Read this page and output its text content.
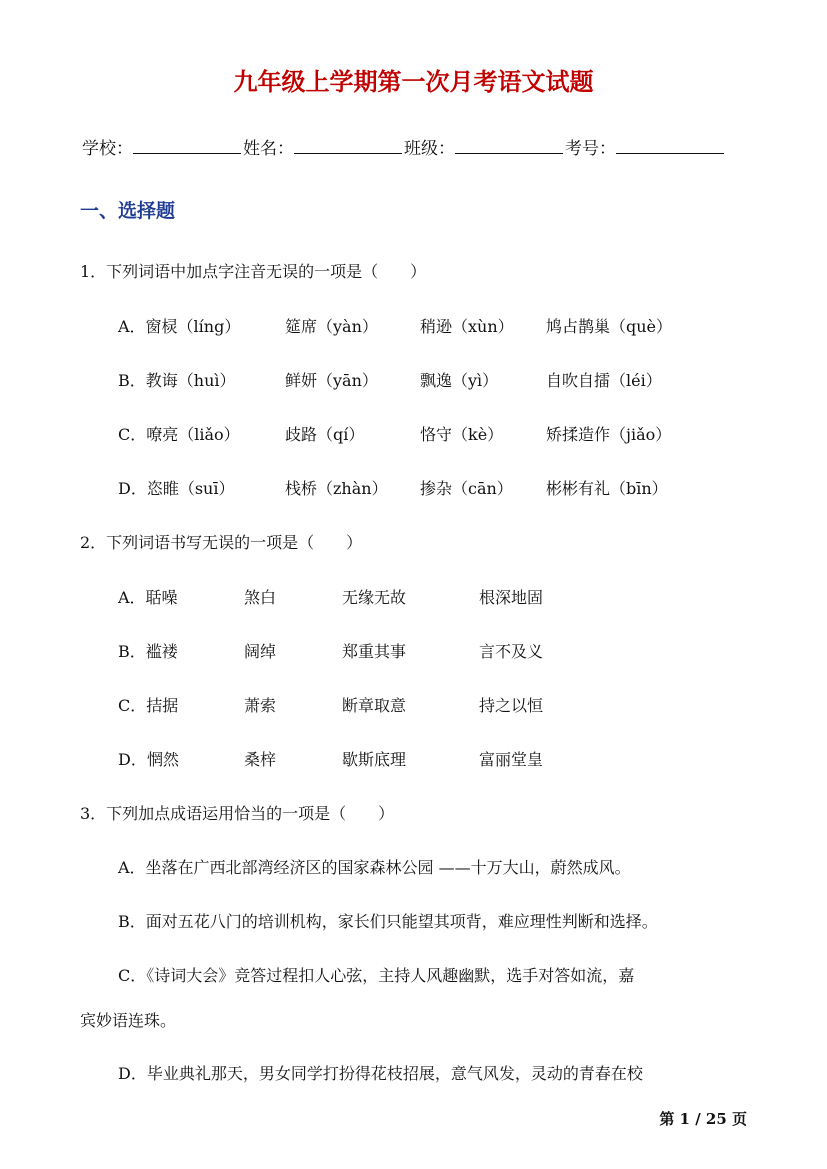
九年级上学期第一次月考语文试题
学校：	姓名：	班级：	考号：
一、选择题
1．下列词语中加点字注音无误的一项是（　　）
A．窗棂（líng）	筵席（yàn）	稍逊（xùn） 鸠占鹊巢（què）
B．教诲（huì）	鲜妍（yān）	飘逸（yì）	自吹自擂（léi）
C．嘹亮（liǎo）	歧路（qí）	恪守（kè）	矫揉造作（jiǎo）
D．恣睢（suī）	栈桥（zhàn） 掺杂（cān） 彬彬有礼（bīn）
2．下列词语书写无误的一项是（　　）
A．聒噪	煞白	无缘无故	根深地固
B．褴褛	阔绰	郑重其事	言不及义
C．拮据	萧索	断章取意	持之以恒
D．惘然	桑梓	歇斯底理	富丽堂皇
3．下列加点成语运用恰当的一项是（　　）
A．坐落在广西北部湾经济区的国家森林公园 ——十万大山，蔚然成风。
B．面对五花八门的培训机构，家长们只能望其项背，难应理性判断和选择。
C．《诗词大会》竞答过程扣人心弦，主持人风趣幽默，选手对答如流，嘉
宾妙语连珠。
D．毕业典礼那天，男女同学打扮得花枝招展，意气风发，灵动的青春在校
第 1 / 25 页
